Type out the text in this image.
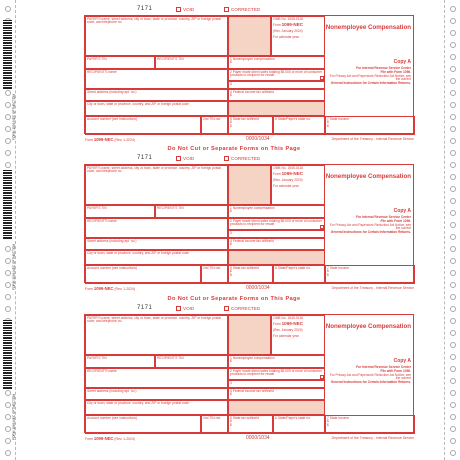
FORM 1099-NEC SPTNECTOM
FORM 1099-NEC SPTNECTOM
FORM 1099-NEC SPTNECTOM
7171	VOID	CORRECTED
PAYER'S name, street address, city or town, state or province, country, ZIP or foreign postal code, and telephone no.
OMB No. 1545-0116
Form 1099-NEC
(Rev. January 2024)
For calendar year
Nonemployee Compensation
PAYER'S TIN	RECIPIENT'S TIN	1 Nonemployee compensation
$
RECIPIENT'S name	2 Payer made direct sales totaling $5,000 or more of consumer products to recipient for resale
3
Street address (including apt. no.)	4 Federal income tax withheld
$
City or town, state or province, country, and ZIP or foreign postal code
Account number (see instructions)	2nd TIN not.	5 State tax withheld
$
$
6 State/Payer's state no.	7 State income
$
$
Copy A
For Internal Revenue Service Center
File with Form 1096.
For Privacy Act and Paperwork Reduction Act Notice, see the current
General Instructions for Certain Information Returns.
Form 1099-NEC (Rev. 1-2024)	0000/1034	Department of the Treasury - Internal Revenue Service
Do Not Cut or Separate Forms on This Page
7171	VOID	CORRECTED
PAYER'S name, street address, city or town, state or province, country, ZIP or foreign postal code, and telephone no.
OMB No. 1545-0116
Form 1099-NEC
(Rev. January 2024)
For calendar year
Nonemployee Compensation
PAYER'S TIN	RECIPIENT'S TIN	1 Nonemployee compensation
$
RECIPIENT'S name	2 Payer made direct sales totaling $5,000 or more of consumer products to recipient for resale
3
Street address (including apt. no.)	4 Federal income tax withheld
$
City or town, state or province, country, and ZIP or foreign postal code
Account number (see instructions)	2nd TIN not.	5 State tax withheld
$
$
6 State/Payer's state no.	7 State income
$
$
Copy A
For Internal Revenue Service Center
File with Form 1096.
For Privacy Act and Paperwork Reduction Act Notice, see the current
General Instructions for Certain Information Returns.
Form 1099-NEC (Rev. 1-2024)	0000/1034	Department of the Treasury - Internal Revenue Service
Do Not Cut or Separate Forms on This Page
7171	VOID	CORRECTED
PAYER'S name, street address, city or town, state or province, country, ZIP or foreign postal code, and telephone no.
OMB No. 1545-0116
Form 1099-NEC
(Rev. January 2024)
For calendar year
Nonemployee Compensation
PAYER'S TIN	RECIPIENT'S TIN	1 Nonemployee compensation
$
RECIPIENT'S name	2 Payer made direct sales totaling $5,000 or more of consumer products to recipient for resale
3
Street address (including apt. no.)	4 Federal income tax withheld
$
City or town, state or province, country, and ZIP or foreign postal code
Account number (see instructions)	2nd TIN not.	5 State tax withheld
$
$
6 State/Payer's state no.	7 State income
$
$
Copy A
For Internal Revenue Service Center
File with Form 1096.
For Privacy Act and Paperwork Reduction Act Notice, see the current
General Instructions for Certain Information Returns.
Form 1099-NEC (Rev. 1-2024)	0000/1034	Department of the Treasury - Internal Revenue Service
